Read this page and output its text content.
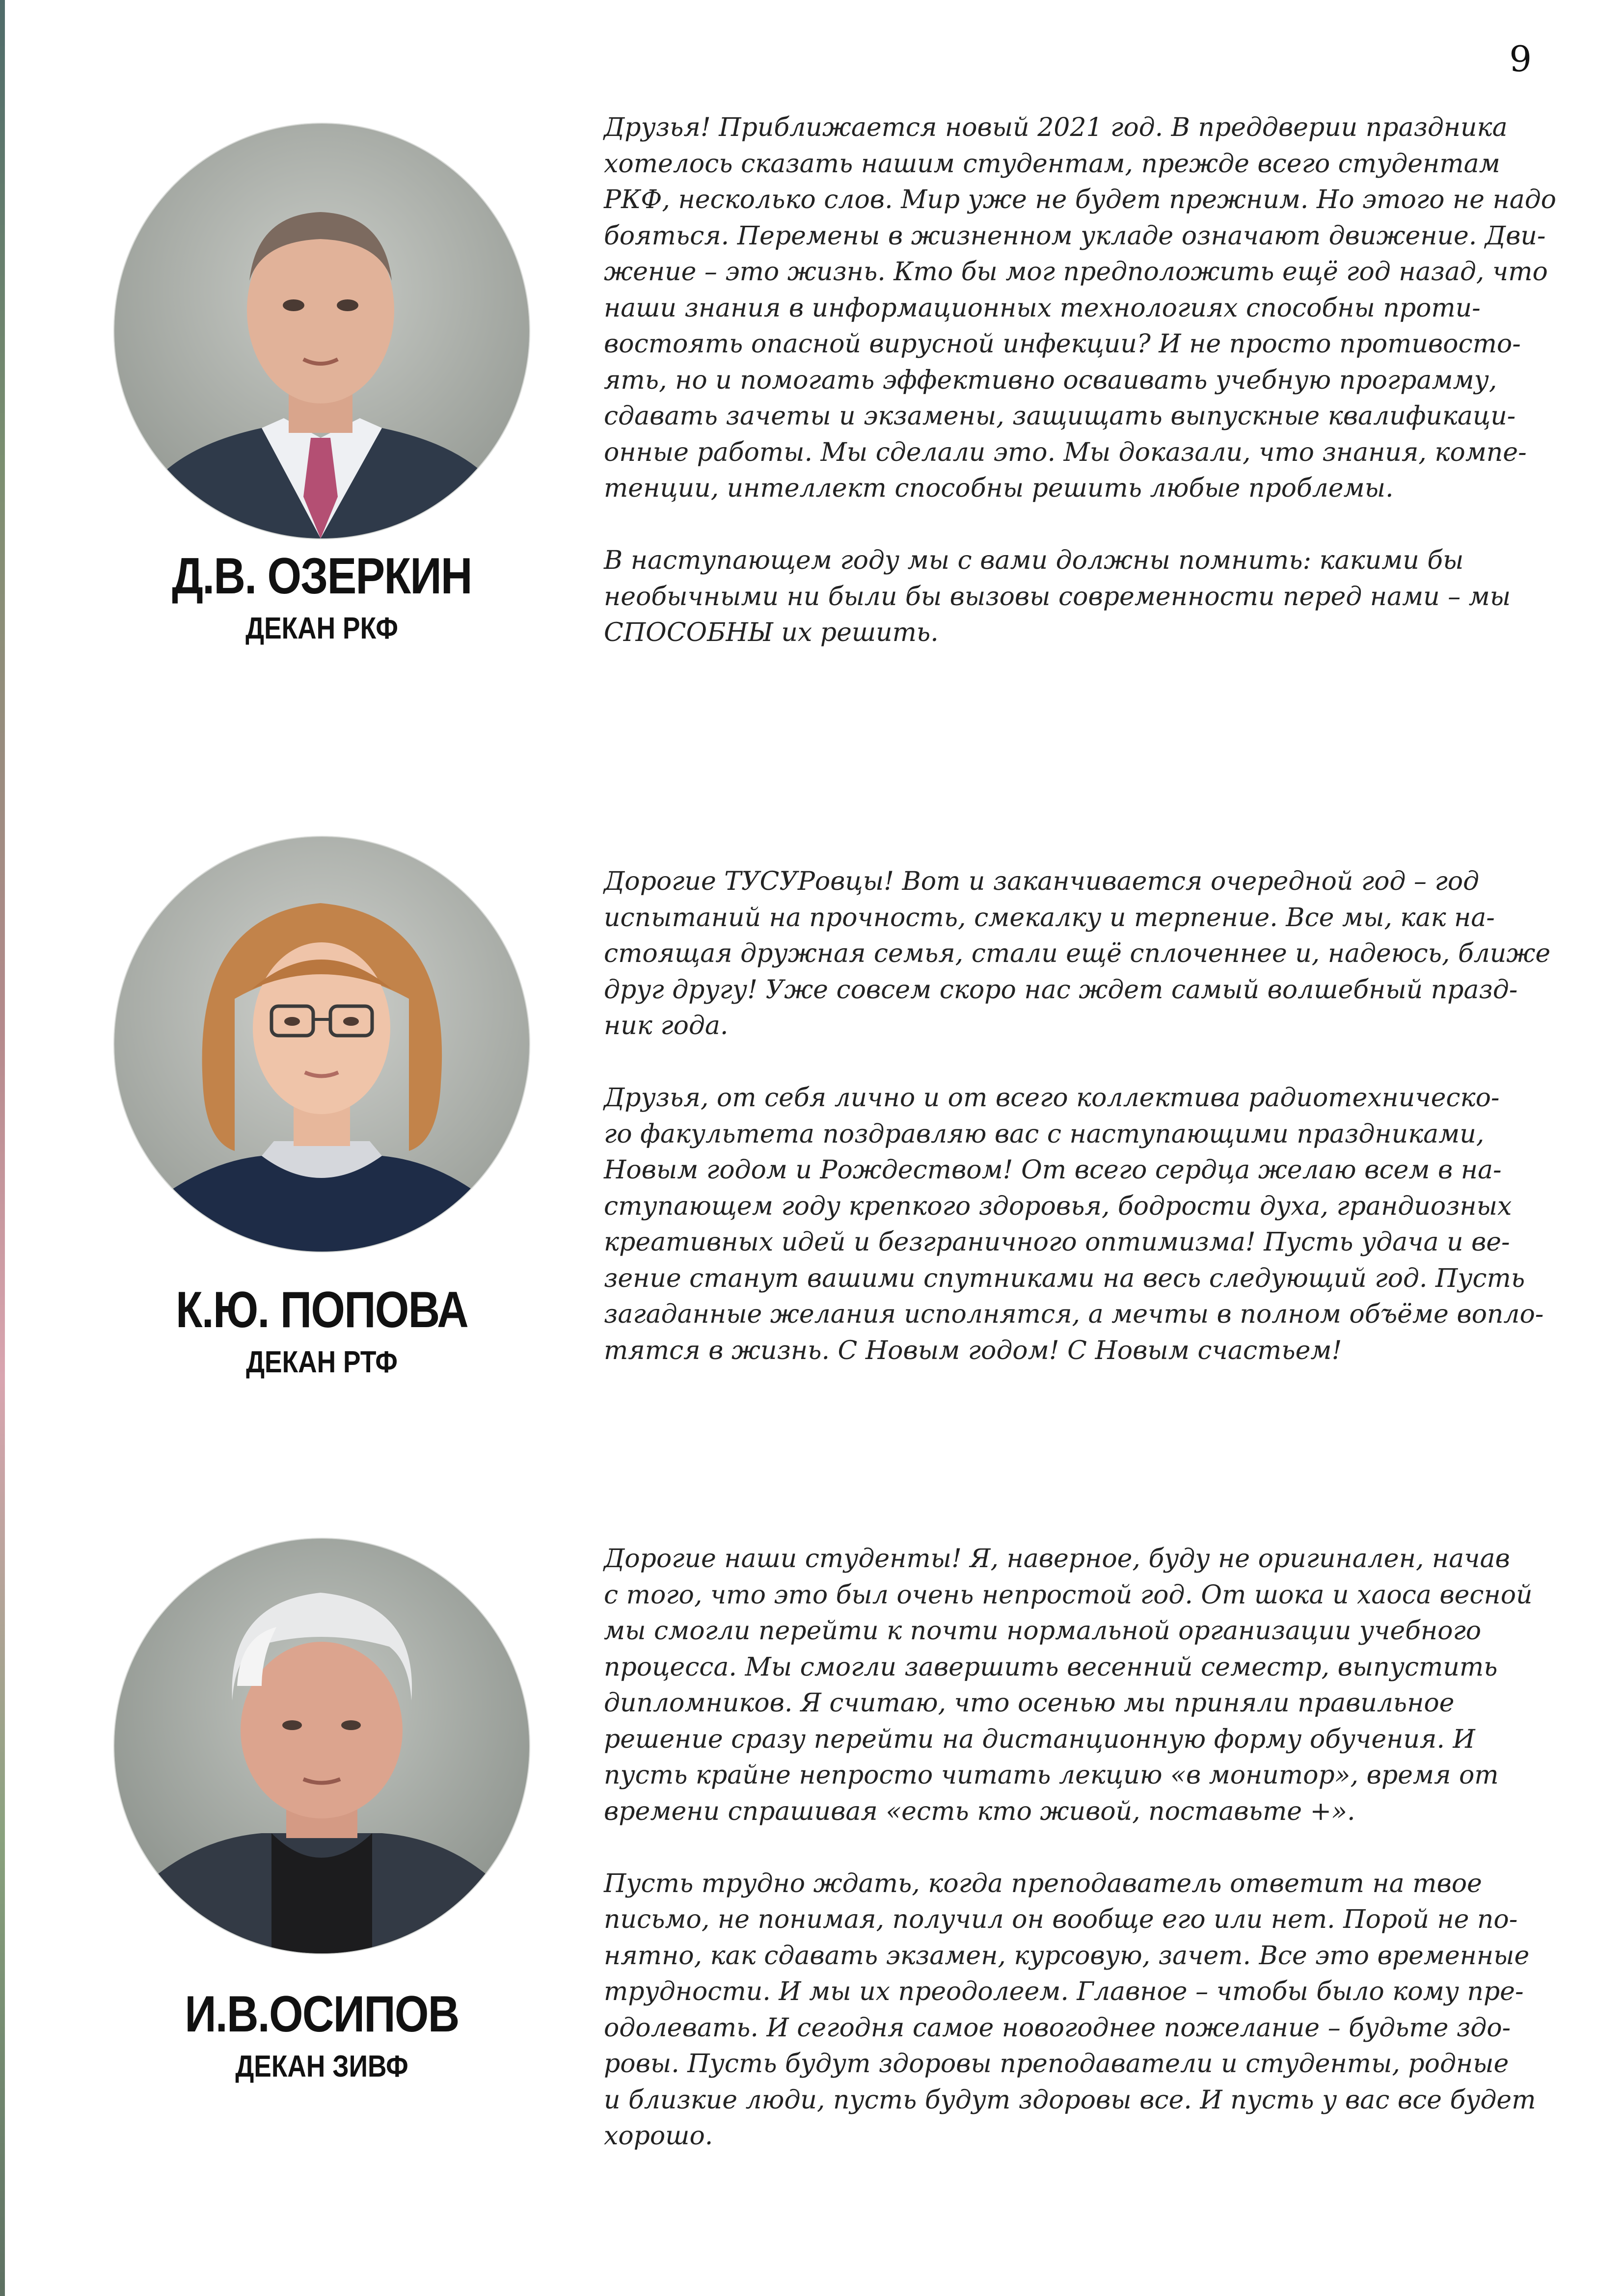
9
Д.В. ОЗЕРКИН
ДЕКАН РКФ
Друзья! Приближается новый 2021 год. В преддверии праздника
хотелось сказать нашим студентам, прежде всего студентам
РКФ, несколько слов. Мир уже не будет прежним. Но этого не надо
бояться. Перемены в жизненном укладе означают движение. Дви-
жение – это жизнь. Кто бы мог предположить ещё год назад, что
наши знания в информационных технологиях способны проти-
востоять опасной вирусной инфекции? И не просто противосто-
ять, но и помогать эффективно осваивать учебную программу,
сдавать зачеты и экзамены, защищать выпускные квалификаци-
онные работы. Мы сделали это. Мы доказали, что знания, компе-
тенции, интеллект способны решить любые проблемы.
В наступающем году мы с вами должны помнить: какими бы
необычными ни были бы вызовы современности перед нами – мы
СПОСОБНЫ их решить.
К.Ю. ПОПОВА
ДЕКАН РТФ
Дорогие ТУСУРовцы! Вот и заканчивается очередной год – год
испытаний на прочность, смекалку и терпение. Все мы, как на-
стоящая дружная семья, стали ещё сплоченнее и, надеюсь, ближе
друг другу! Уже совсем скоро нас ждет самый волшебный празд-
ник года.
Друзья, от себя лично и от всего коллектива радиотехническо-
го факультета поздравляю вас с наступающими праздниками,
Новым годом и Рождеством! От всего сердца желаю всем в на-
ступающем году крепкого здоровья, бодрости духа, грандиозных
креативных идей и безграничного оптимизма! Пусть удача и ве-
зение станут вашими спутниками на весь следующий год. Пусть
загаданные желания исполнятся, а мечты в полном объёме вопло-
тятся в жизнь. С Новым годом! С Новым счастьем!
И.В.ОСИПОВ
ДЕКАН ЗИВФ
Дорогие наши студенты! Я, наверное, буду не оригинален, начав
с того, что это был очень непростой год. От шока и хаоса весной
мы смогли перейти к почти нормальной организации учебного
процесса. Мы смогли завершить весенний семестр, выпустить
дипломников. Я считаю, что осенью мы приняли правильное
решение сразу перейти на дистанционную форму обучения. И
пусть крайне непросто читать лекцию «в монитор», время от
времени спрашивая «есть кто живой, поставьте +».
Пусть трудно ждать, когда преподаватель ответит на твое
письмо, не понимая, получил он вообще его или нет. Порой не по-
нятно, как сдавать экзамен, курсовую, зачет. Все это временные
трудности. И мы их преодолеем. Главное – чтобы было кому пре-
одолевать. И сегодня самое новогоднее пожелание – будьте здо-
ровы. Пусть будут здоровы преподаватели и студенты, родные
и близкие люди, пусть будут здоровы все. И пусть у вас все будет
хорошо.
